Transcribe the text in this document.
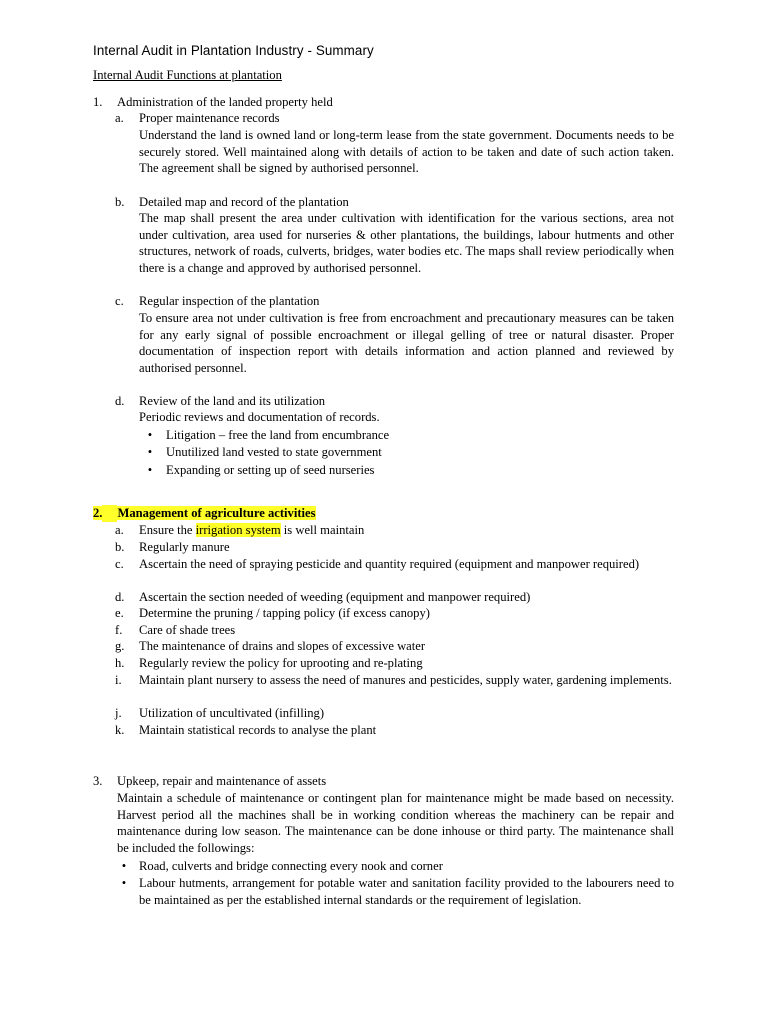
Internal Audit in Plantation Industry - Summary
Internal Audit Functions at plantation
1. Administration of the landed property held
a.	Proper maintenance records
Understand the land is owned land or long-term lease from the state government. Documents needs to be securely stored. Well maintained along with details of action to be taken and date of such action taken. The agreement shall be signed by authorised personnel.
b.	Detailed map and record of the plantation
The map shall present the area under cultivation with identification for the various sections, area not under cultivation, area used for nurseries & other plantations, the buildings, labour hutments and other structures, network of roads, culverts, bridges, water bodies etc. The maps shall review periodically when there is a change and approved by authorised personnel.
c.	Regular inspection of the plantation
To ensure area not under cultivation is free from encroachment and precautionary measures can be taken for any early signal of possible encroachment or illegal gelling of tree or natural disaster. Proper documentation of inspection report with details information and action planned and reviewed by authorised personnel.
d.	Review of the land and its utilization
Periodic reviews and documentation of records.
•	Litigation – free the land from encumbrance
•	Unutilized land vested to state government
•	Expanding or setting up of seed nurseries
2. Management of agriculture activities
a.	Ensure the irrigation system is well maintain
b.	Regularly manure
c.	Ascertain the need of spraying pesticide and quantity required (equipment and manpower required)
d.	Ascertain the section needed of weeding (equipment and manpower required)
e.	Determine the pruning / tapping policy (if excess canopy)
f.	Care of shade trees
g.	The maintenance of drains and slopes of excessive water
h.	Regularly review the policy for uprooting and re-plating
i.	Maintain plant nursery to assess the need of manures and pesticides, supply water, gardening implements.
j.	Utilization of uncultivated (infilling)
k.	Maintain statistical records to analyse the plant
3. Upkeep, repair and maintenance of assets
Maintain a schedule of maintenance or contingent plan for maintenance might be made based on necessity. Harvest period all the machines shall be in working condition whereas the machinery can be repair and maintenance during low season. The maintenance can be done inhouse or third party. The maintenance shall be included the followings:
•	Road, culverts and bridge connecting every nook and corner
•	Labour hutments, arrangement for potable water and sanitation facility provided to the labourers need to be maintained as per the established internal standards or the requirement of legislation.
